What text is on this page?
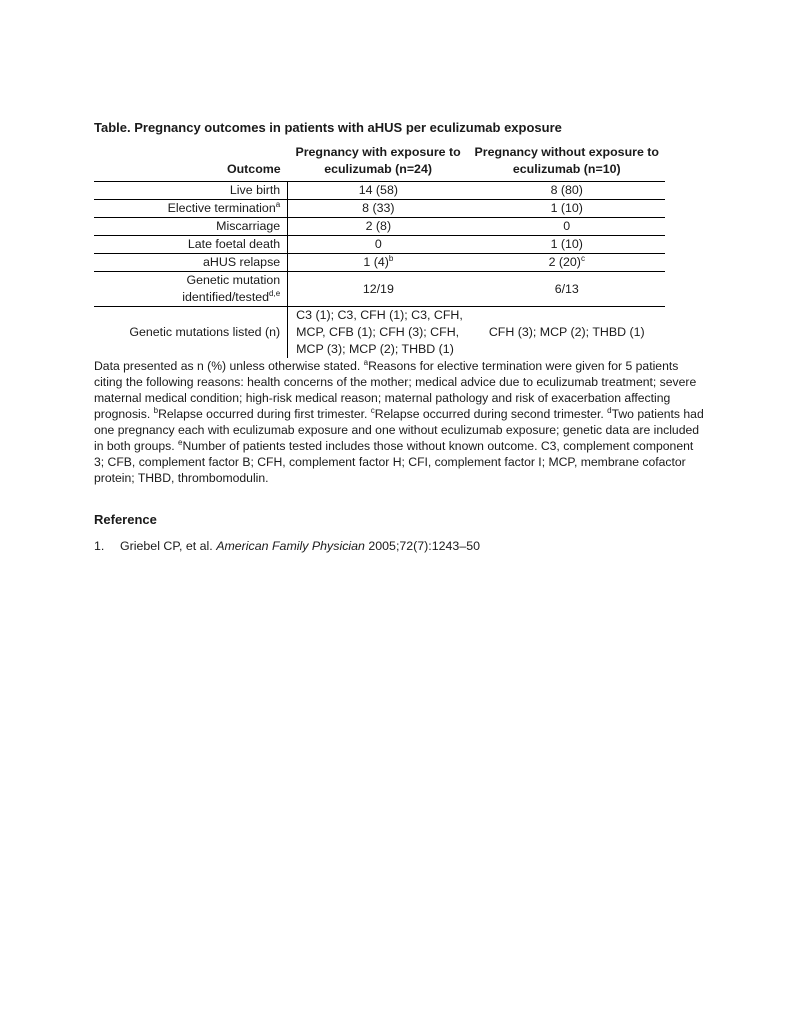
Table. Pregnancy outcomes in patients with aHUS per eculizumab exposure
Outcome	Pregnancy with exposure to eculizumab (n=24)	Pregnancy without exposure to eculizumab (n=10)
Live birth	14 (58)	8 (80)
Elective termination$^a$	8 (33)	1 (10)
Miscarriage	2 (8)	0
Late foetal death	0	1 (10)
aHUS relapse	1 $(4)^b$	2 $(20)^c$
Genetic mutation identified/tested$^{d,e}$	12/19	6/13
Genetic mutations listed (n)	C3 (1); C3, CFH (1); C3, CFH, MCP, CFB (1); CFH (3); CFH, MCP (3); MCP (2); THBD (1)	CFH (3); MCP (2); THBD (1)
Data presented as n (%) unless otherwise stated. $^a$Reasons for elective termination were given for 5 patients citing the following reasons: health concerns of the mother; medical advice due to eculizumab treatment; severe maternal medical condition; high-risk medical reason; maternal pathology and risk of exacerbation affecting prognosis. $^b$Relapse occurred during first trimester. $^c$Relapse occurred during second trimester. $^d$Two patients had one pregnancy each with eculizumab exposure and one without eculizumab exposure; genetic data are included in both groups. $^e$Number of patients tested includes those without known outcome. C3, complement component 3; CFB, complement factor B; CFH, complement factor H; CFI, complement factor I; MCP, membrane cofactor protein; THBD, thrombomodulin.
Reference
1.	Griebel CP, et al. American Family Physician 2005;72(7):1243–50
